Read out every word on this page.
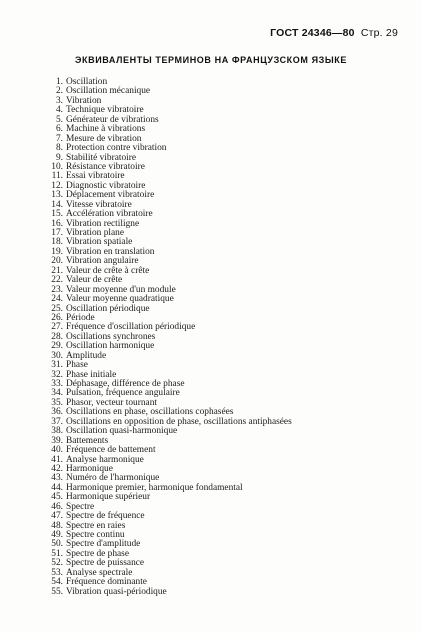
ГОСТ 24346—80 Стр. 29
ЭКВИВАЛЕНТЫ ТЕРМИНОВ НА ФРАНЦУЗСКОМ ЯЗЫКЕ
1. Oscillation
2. Oscillation mécanique
3. Vibration
4. Technique vibratoire
5. Générateur de vibrations
6. Machine à vibrations
7. Mesure de vibration
8. Protection contre vibration
9. Stabilité vibratoire
10. Résistance vibratoire
11. Essai vibratoire
12. Diagnostic vibratoire
13. Déplacement vibratoire
14. Vitesse vibratoire
15. Accélération vibratoire
16. Vibration rectiligne
17. Vibration plane
18. Vibration spatiale
19. Vibration en translation
20. Vibration angulaire
21. Valeur de crête à crête
22. Valeur de crête
23. Valeur moyenne d'un module
24. Valeur moyenne quadratique
25. Oscillation périodique
26. Période
27. Fréquence d'oscillation périodique
28. Oscillations synchrones
29. Oscillation harmonique
30. Amplitude
31. Phase
32. Phase initiale
33. Déphasage, différence de phase
34. Pulsation, fréquence angulaire
35. Phasor, vecteur tournant
36. Oscillations en phase, oscillations cophasées
37. Oscillations en opposition de phase, oscillations antiphasées
38. Oscillation quasi-harmonique
39. Battements
40. Fréquence de battement
41. Analyse harmonique
42. Harmonique
43. Numéro de l'harmonique
44. Harmonique premier, harmonique fondamental
45. Harmonique supérieur
46. Spectre
47. Spectre de fréquence
48. Spectre en raies
49. Spectre continu
50. Spectre d'amplitude
51. Spectre de phase
52. Spectre de puissance
53. Analyse spectrale
54. Fréquence dominante
55. Vibration quasi-périodique
